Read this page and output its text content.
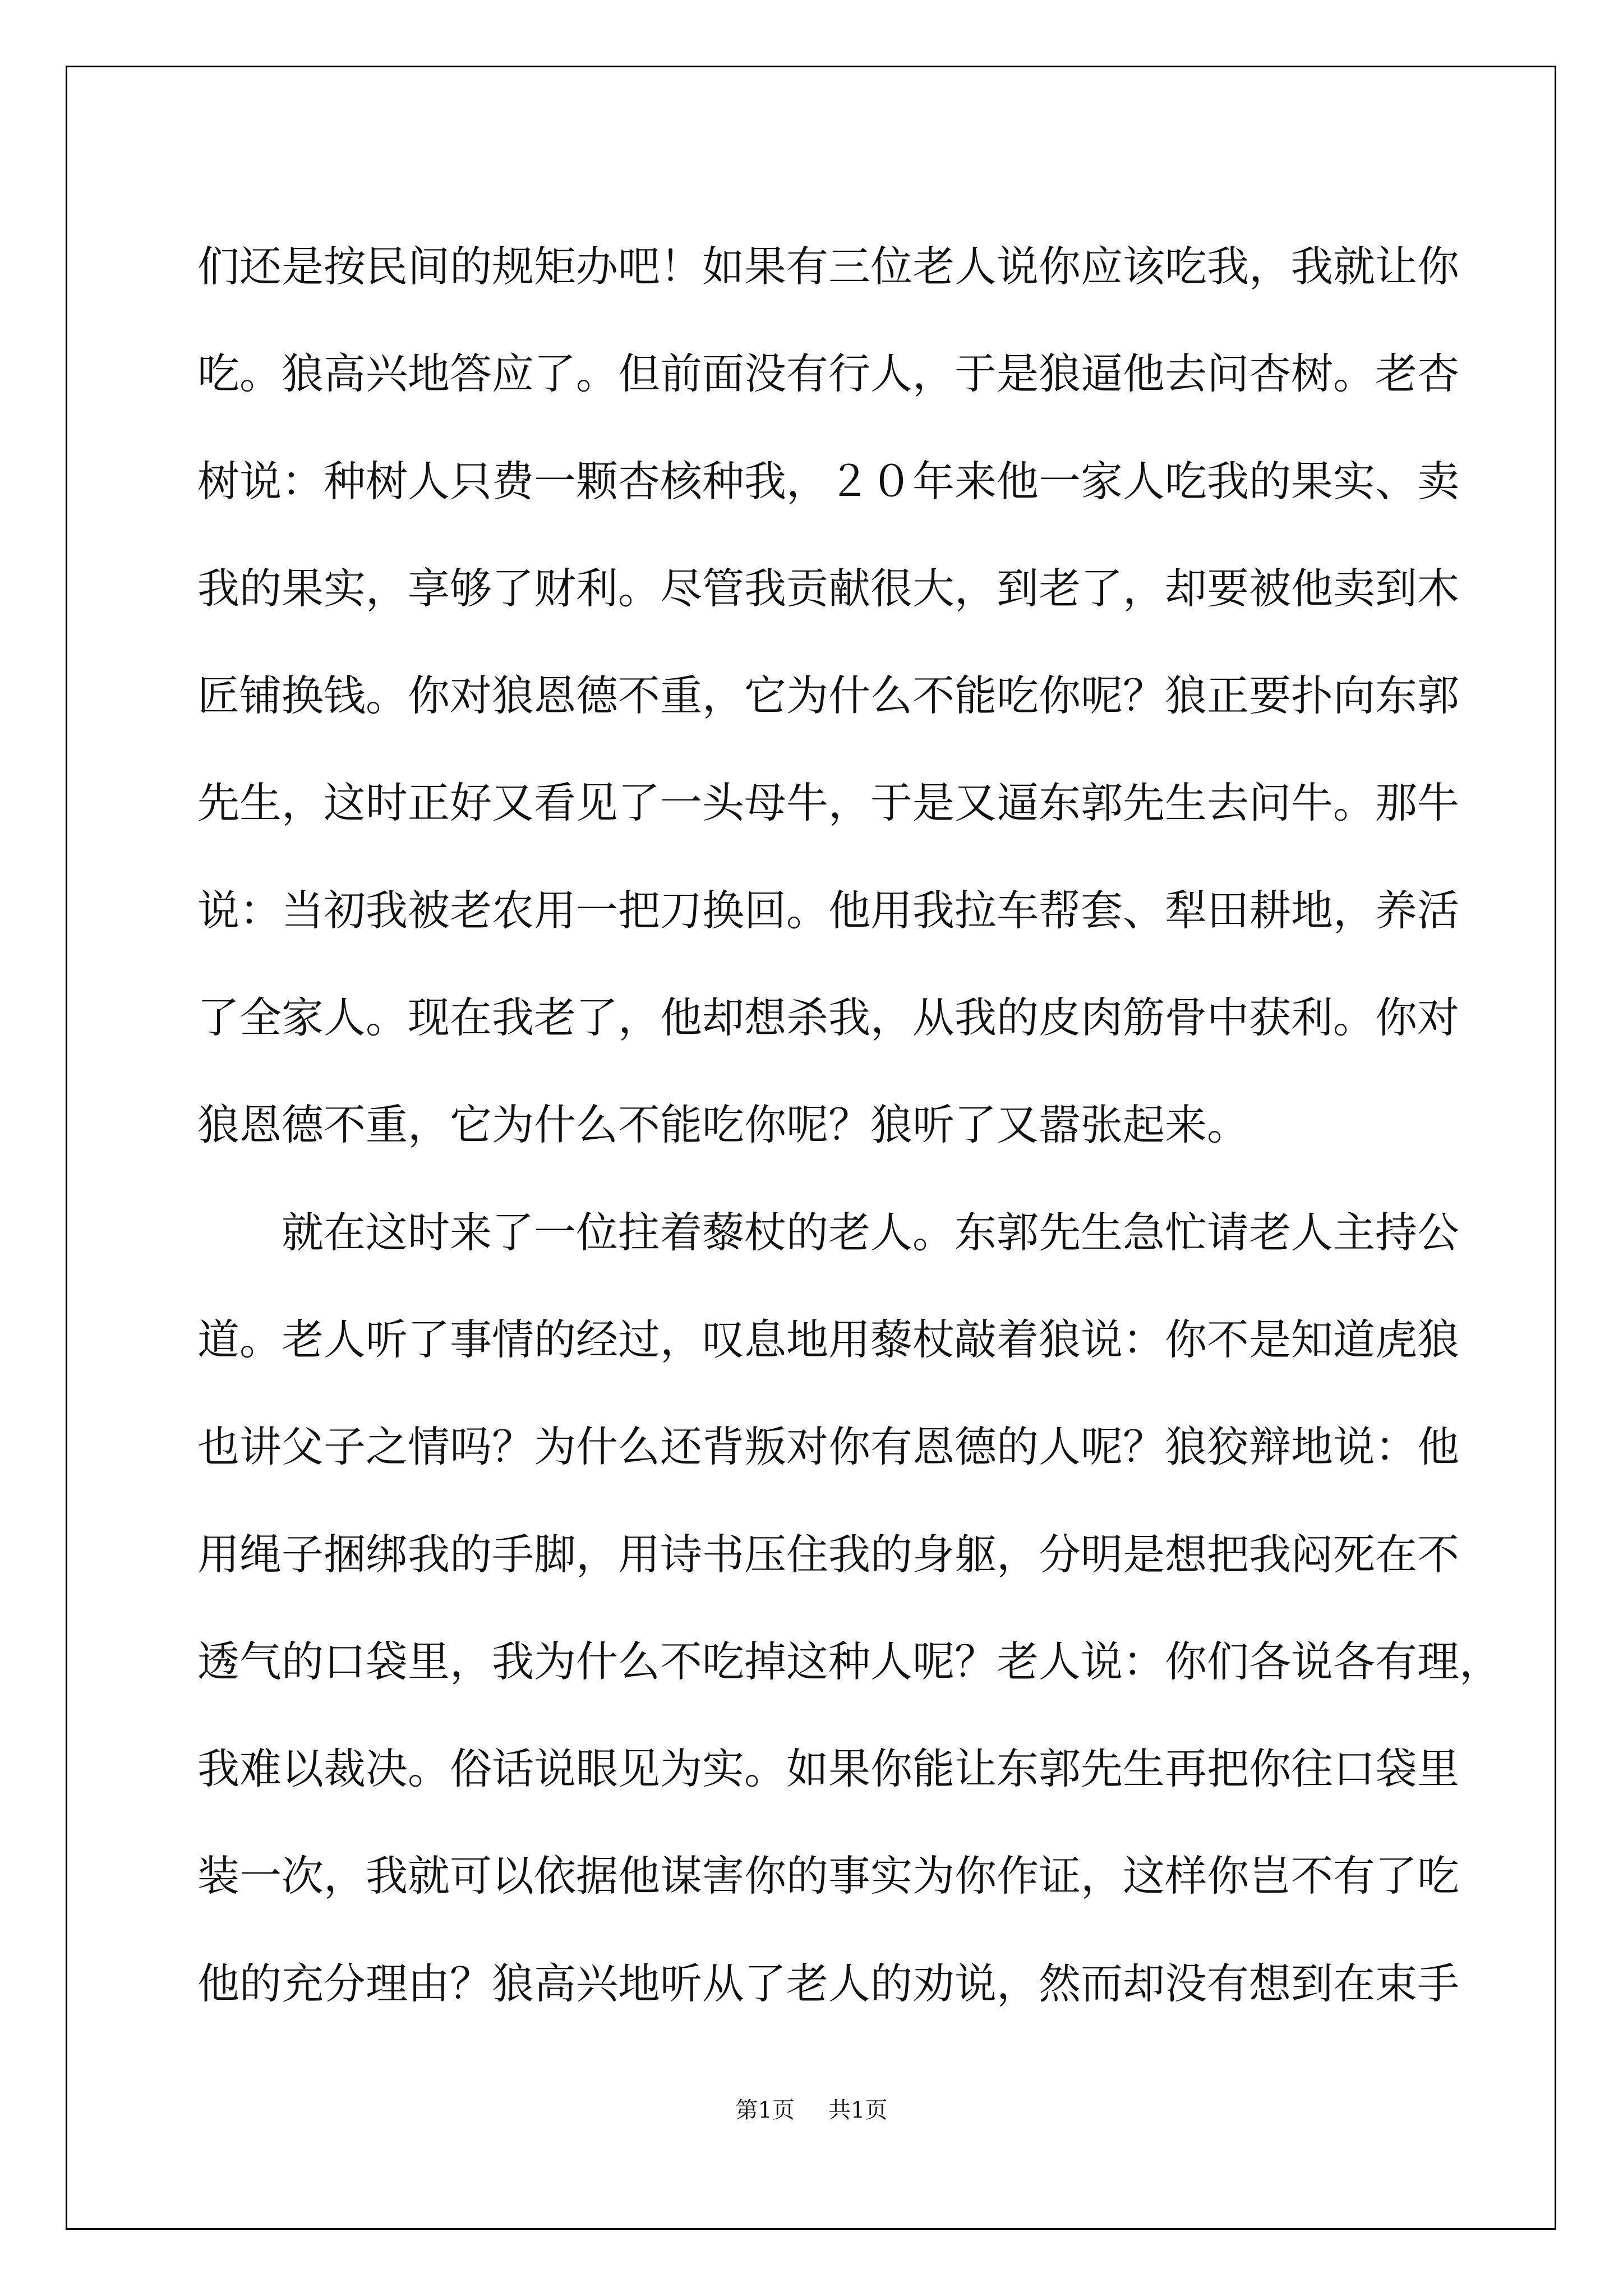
们还是按民间的规矩办吧！如果有三位老人说你应该吃我，我就让你
吃。狼高兴地答应了。但前面没有行人，于是狼逼他去问杏树。老杏
树说：种树人只费一颗杏核种我，２０年来他一家人吃我的果实、卖
我的果实，享够了财利。尽管我贡献很大，到老了，却要被他卖到木
匠铺换钱。你对狼恩德不重，它为什么不能吃你呢？狼正要扑向东郭
先生，这时正好又看见了一头母牛，于是又逼东郭先生去问牛。那牛
说：当初我被老农用一把刀换回。他用我拉车帮套、犁田耕地，养活
了全家人。现在我老了，他却想杀我，从我的皮肉筋骨中获利。你对
狼恩德不重，它为什么不能吃你呢？狼听了又嚣张起来。
就在这时来了一位拄着藜杖的老人。东郭先生急忙请老人主持公
道。老人听了事情的经过，叹息地用藜杖敲着狼说：你不是知道虎狼
也讲父子之情吗？为什么还背叛对你有恩德的人呢？狼狡辩地说：他
用绳子捆绑我的手脚，用诗书压住我的身躯，分明是想把我闷死在不
透气的口袋里，我为什么不吃掉这种人呢？老人说：你们各说各有理，
我难以裁决。俗话说眼见为实。如果你能让东郭先生再把你往口袋里
装一次，我就可以依据他谋害你的事实为你作证，这样你岂不有了吃
他的充分理由？狼高兴地听从了老人的劝说，然而却没有想到在束手
第1页 共1页
